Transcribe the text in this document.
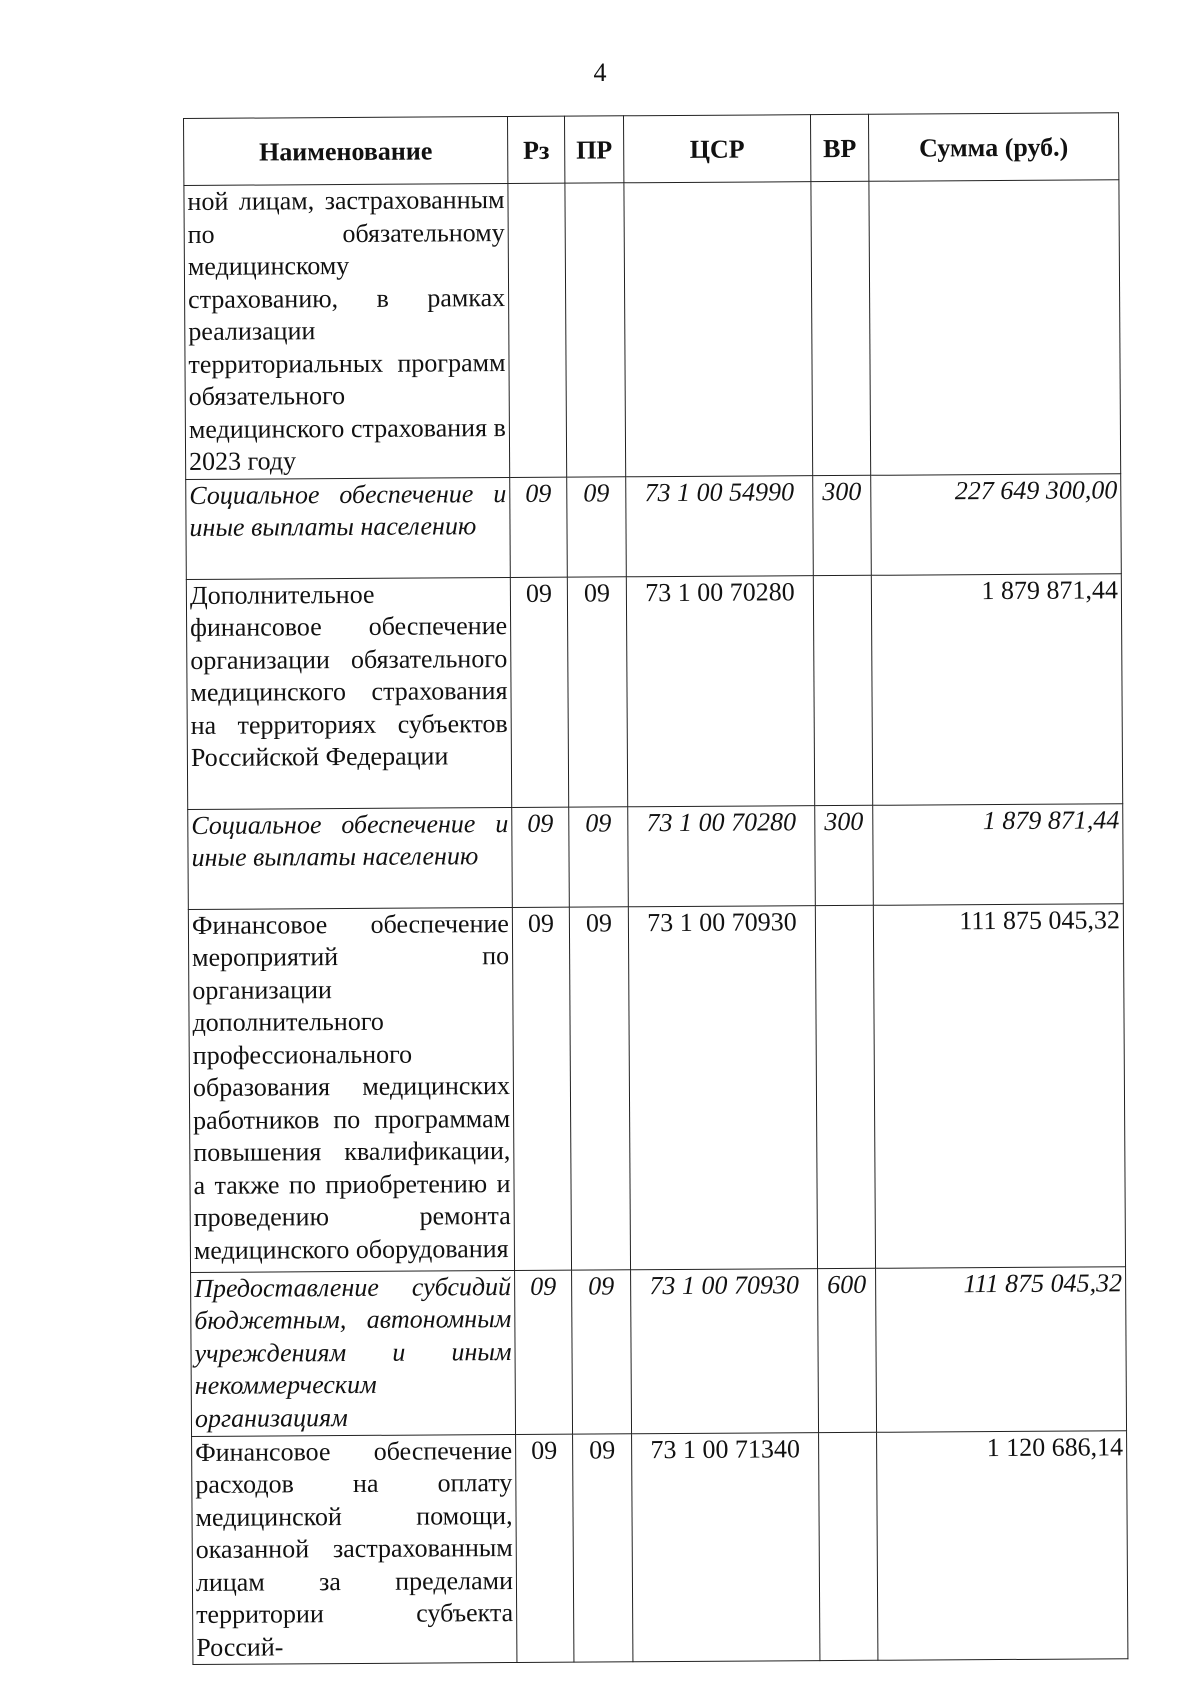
4
Наименование	Рз	ПР	ЦСР	ВР	Сумма (руб.)
ной лицам, застрахованным по обязательному медицинскому страхованию, в рамках реализации территориальных программ обязательного медицинского страхования в 2023 году					
Социальное обеспечение и иные выплаты населению	09	09	73 1 00 54990	300	227 649 300,00
Дополнительное финансовое обеспечение организации обязательного медицинского страхования на территориях субъектов Российской Федерации	09	09	73 1 00 70280		1 879 871,44
Социальное обеспечение и иные выплаты населению	09	09	73 1 00 70280	300	1 879 871,44
Финансовое обеспечение мероприятий по организации дополнительного профессионального образования медицинских работников по программам повышения квалификации, а также по приобретению и проведению ремонта медицинского оборудования	09	09	73 1 00 70930		111 875 045,32
Предоставление субсидий бюджетным, автономным учреждениям и иным некоммерческим организациям	09	09	73 1 00 70930	600	111 875 045,32
Финансовое обеспечение расходов на оплату медицинской помощи, оказанной застрахованным лицам за пределами территории субъекта Россий-	09	09	73 1 00 71340		1 120 686,14
